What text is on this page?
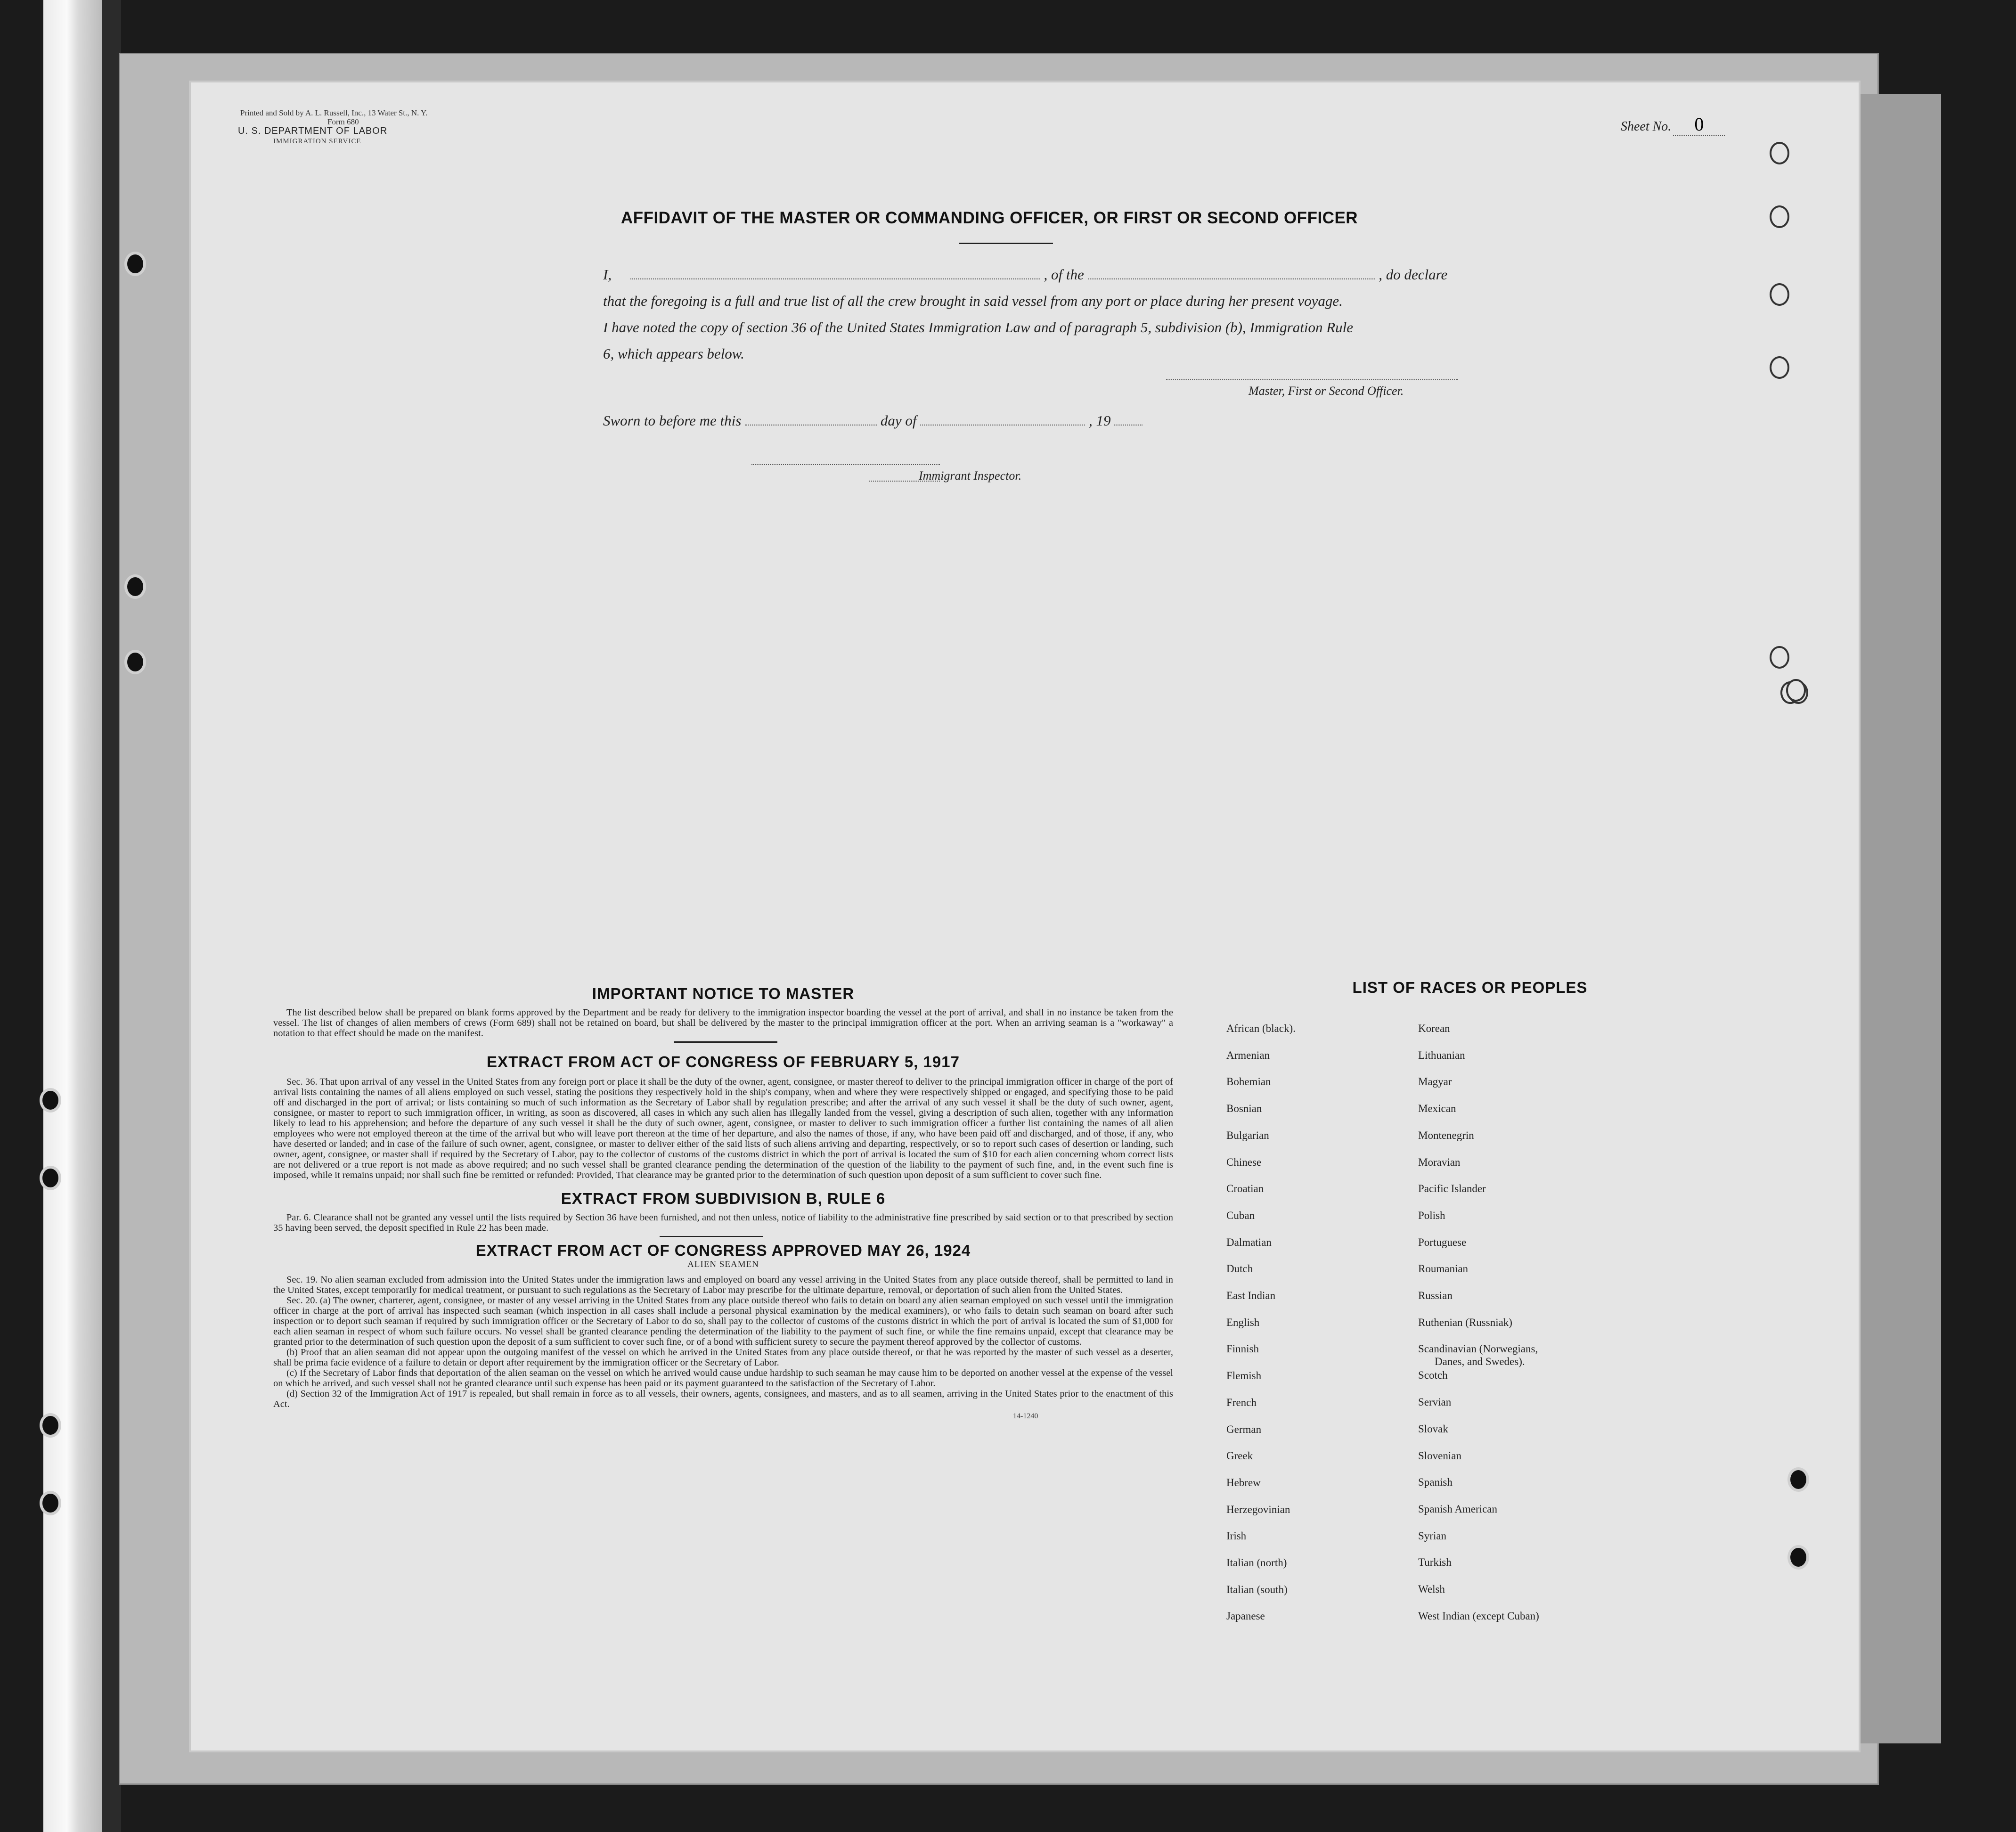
Printed and Sold by A. L. Russell, Inc., 13 Water St., N. Y.
Form 680
U. S. DEPARTMENT OF LABOR
IMMIGRATION SERVICE
Sheet No. 0
AFFIDAVIT OF THE MASTER OR COMMANDING OFFICER, OR FIRST OR SECOND OFFICER
I,	, of the	, do declare
that the foregoing is a full and true list of all the crew brought in said vessel from any port or place during her present voyage.
I have noted the copy of section 36 of the United States Immigration Law and of paragraph 5, subdivision (b), Immigration Rule
6, which appears below.
Master, First or Second Officer.
Sworn to before me this	day of	, 19
Immigrant Inspector.
IMPORTANT NOTICE TO MASTER

The list described below shall be prepared on blank forms approved by the Department and be ready for delivery to the immigration inspector boarding the vessel at the port of arrival, and shall in no instance be taken from the vessel. The list of changes of alien members of crews (Form 689) shall not be retained on board, but shall be delivered by the master to the principal immigration officer at the port. When an arriving seaman is a "workaway" a notation to that effect should be made on the manifest.

EXTRACT FROM ACT OF CONGRESS OF FEBRUARY 5, 1917

Sec. 36. That upon arrival of any vessel in the United States from any foreign port or place it shall be the duty of the owner, agent, consignee, or master thereof to deliver to the principal immigration officer in charge of the port of arrival lists containing the names of all aliens employed on such vessel, stating the positions they respectively hold in the ship's company, when and where they were respectively shipped or engaged, and specifying those to be paid off and discharged in the port of arrival; or lists containing so much of such information as the Secretary of Labor shall by regulation prescribe; and after the arrival of any such vessel it shall be the duty of such owner, agent, consignee, or master to report to such immigration officer, in writing, as soon as discovered, all cases in which any such alien has illegally landed from the vessel, giving a description of such alien, together with any information likely to lead to his apprehension; and before the departure of any such vessel it shall be the duty of such owner, agent, consignee, or master to deliver to such immigration officer a further list containing the names of all alien employees who were not employed thereon at the time of the arrival but who will leave port thereon at the time of her departure, and also the names of those, if any, who have been paid off and discharged, and of those, if any, who have deserted or landed; and in case of the failure of such owner, agent, consignee, or master to deliver either of the said lists of such aliens arriving and departing, respectively, or so to report such cases of desertion or landing, such owner, agent, consignee, or master shall if required by the Secretary of Labor, pay to the collector of customs of the customs district in which the port of arrival is located the sum of $10 for each alien concerning whom correct lists are not delivered or a true report is not made as above required; and no such vessel shall be granted clearance pending the determination of the question of the liability to the payment of such fine, and, in the event such fine is imposed, while it remains unpaid; nor shall such fine be remitted or refunded: Provided, That clearance may be granted prior to the determination of such question upon deposit of a sum sufficient to cover such fine.

EXTRACT FROM SUBDIVISION B, RULE 6

Par. 6. Clearance shall not be granted any vessel until the lists required by Section 36 have been furnished, and not then unless, notice of liability to the administrative fine prescribed by said section or to that prescribed by section 35 having been served, the deposit specified in Rule 22 has been made.

EXTRACT FROM ACT OF CONGRESS APPROVED MAY 26, 1924
ALIEN SEAMEN

Sec. 19. No alien seaman excluded from admission into the United States under the immigration laws and employed on board any vessel arriving in the United States from any place outside thereof, shall be permitted to land in the United States, except temporarily for medical treatment, or pursuant to such regulations as the Secretary of Labor may prescribe for the ultimate departure, removal, or deportation of such alien from the United States.

Sec. 20. (a) The owner, charterer, agent, consignee, or master of any vessel arriving in the United States from any place outside thereof who fails to detain on board any alien seaman employed on such vessel until the immigration officer in charge at the port of arrival has inspected such seaman (which inspection in all cases shall include a personal physical examination by the medical examiners), or who fails to detain such seaman on board after such inspection or to deport such seaman if required by such immigration officer or the Secretary of Labor to do so, shall pay to the collector of customs of the customs district in which the port of arrival is located the sum of $1,000 for each alien seaman in respect of whom such failure occurs. No vessel shall be granted clearance pending the determination of the liability to the payment of such fine, or while the fine remains unpaid, except that clearance may be granted prior to the determination of such question upon the deposit of a sum sufficient to cover such fine, or of a bond with sufficient surety to secure the payment thereof approved by the collector of customs.

(b) Proof that an alien seaman did not appear upon the outgoing manifest of the vessel on which he arrived in the United States from any place outside thereof, or that he was reported by the master of such vessel as a deserter, shall be prima facie evidence of a failure to detain or deport after requirement by the immigration officer or the Secretary of Labor.

(c) If the Secretary of Labor finds that deportation of the alien seaman on the vessel on which he arrived would cause undue hardship to such seaman he may cause him to be deported on another vessel at the expense of the vessel on which he arrived, and such vessel shall not be granted clearance until such expense has been paid or its payment guaranteed to the satisfaction of the Secretary of Labor.

(d) Section 32 of the Immigration Act of 1917 is repealed, but shall remain in force as to all vessels, their owners, agents, consignees, and masters, and as to all seamen, arriving in the United States prior to the enactment of this Act.

14-1240
LIST OF RACES OR PEOPLES
African (black).
Armenian
Bohemian
Bosnian
Bulgarian
Chinese
Croatian
Cuban
Dalmatian
Dutch
East Indian
English
Finnish
Flemish
French
German
Greek
Hebrew
Herzegovinian
Irish
Italian (north)
Italian (south)
Japanese
Korean
Lithuanian
Magyar
Mexican
Montenegrin
Moravian
Pacific Islander
Polish
Portuguese
Roumanian
Russian
Ruthenian (Russniak)
Scandinavian (Norwegians,
Danes, and Swedes).
Scotch
Servian
Slovak
Slovenian
Spanish
Spanish American
Syrian
Turkish
Welsh
West Indian (except Cuban)
